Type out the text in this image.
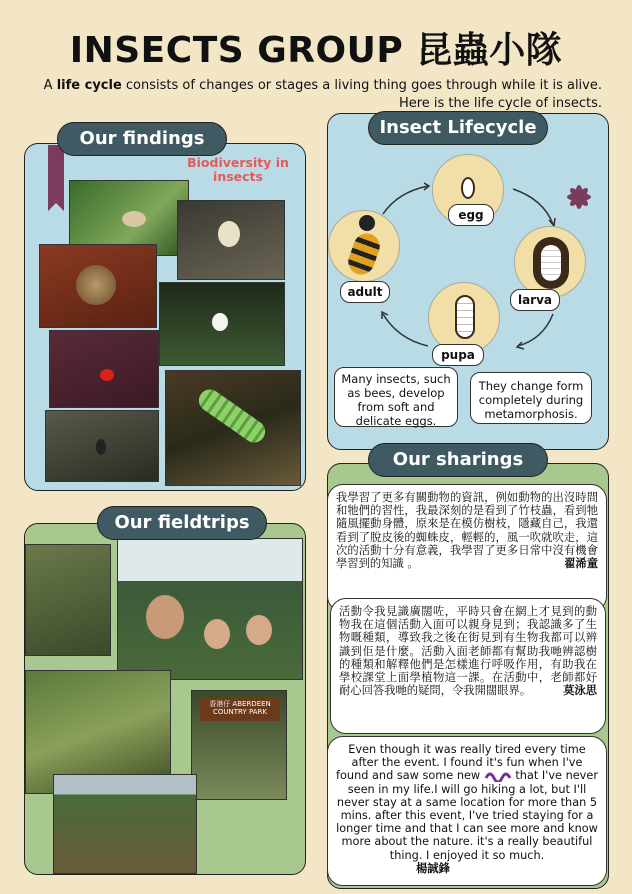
INSECTS GROUP 昆蟲小隊
A life cycle consists of changes or stages a living thing goes through while it is alive.
Here is the life cycle of insects.
Our findings
Biodiversity in insects
egg
larva
pupa
adult
Many insects, such as bees, develop from soft and delicate eggs.
They change form completely during metamorphosis.
Insect Lifecycle
香港仔 ABERDEEN COUNTRY PARK
Our fieldtrips
我學習了更多有關動物的資訊，例如動物的出沒時間和牠們的習性，我最深刻的是看到了竹枝蟲，看到牠隨風擺動身體，原來是在模仿樹枝，隱藏自己，我還看到了脫皮後的蜘蛛皮，輕輕的，風一吹就吹走，這次的活動十分有意義，我學習了更多日常中沒有機會學習到的知識 。	翟浠童
活動令我見識廣闊咗，平時只會在網上才見到的動物我在這個活動入面可以親身見到；我認識多了生物嘅種類，導致我之後在街見到有生物我都可以辨識到佢是什麼。活動入面老師都有幫助我哋辨認樹的種類和解釋他們是怎樣進行呼吸作用，有助我在學校課堂上面學植物這一課。在活動中，老師都好耐心回答我哋的疑問，令我開闊眼界。	莫泳思
Even though it was really tired every time after the event. I found it's fun when I've found and saw some new	that I've never seen in my life.I will go hiking a lot, but I'll never stay at a same location for more than 5 mins. after this event, I've tried staying for a longer time and that I can see more and know more about the nature. it's a really beautiful thing. I enjoyed it so much.
楊誠鋒
Our sharings
